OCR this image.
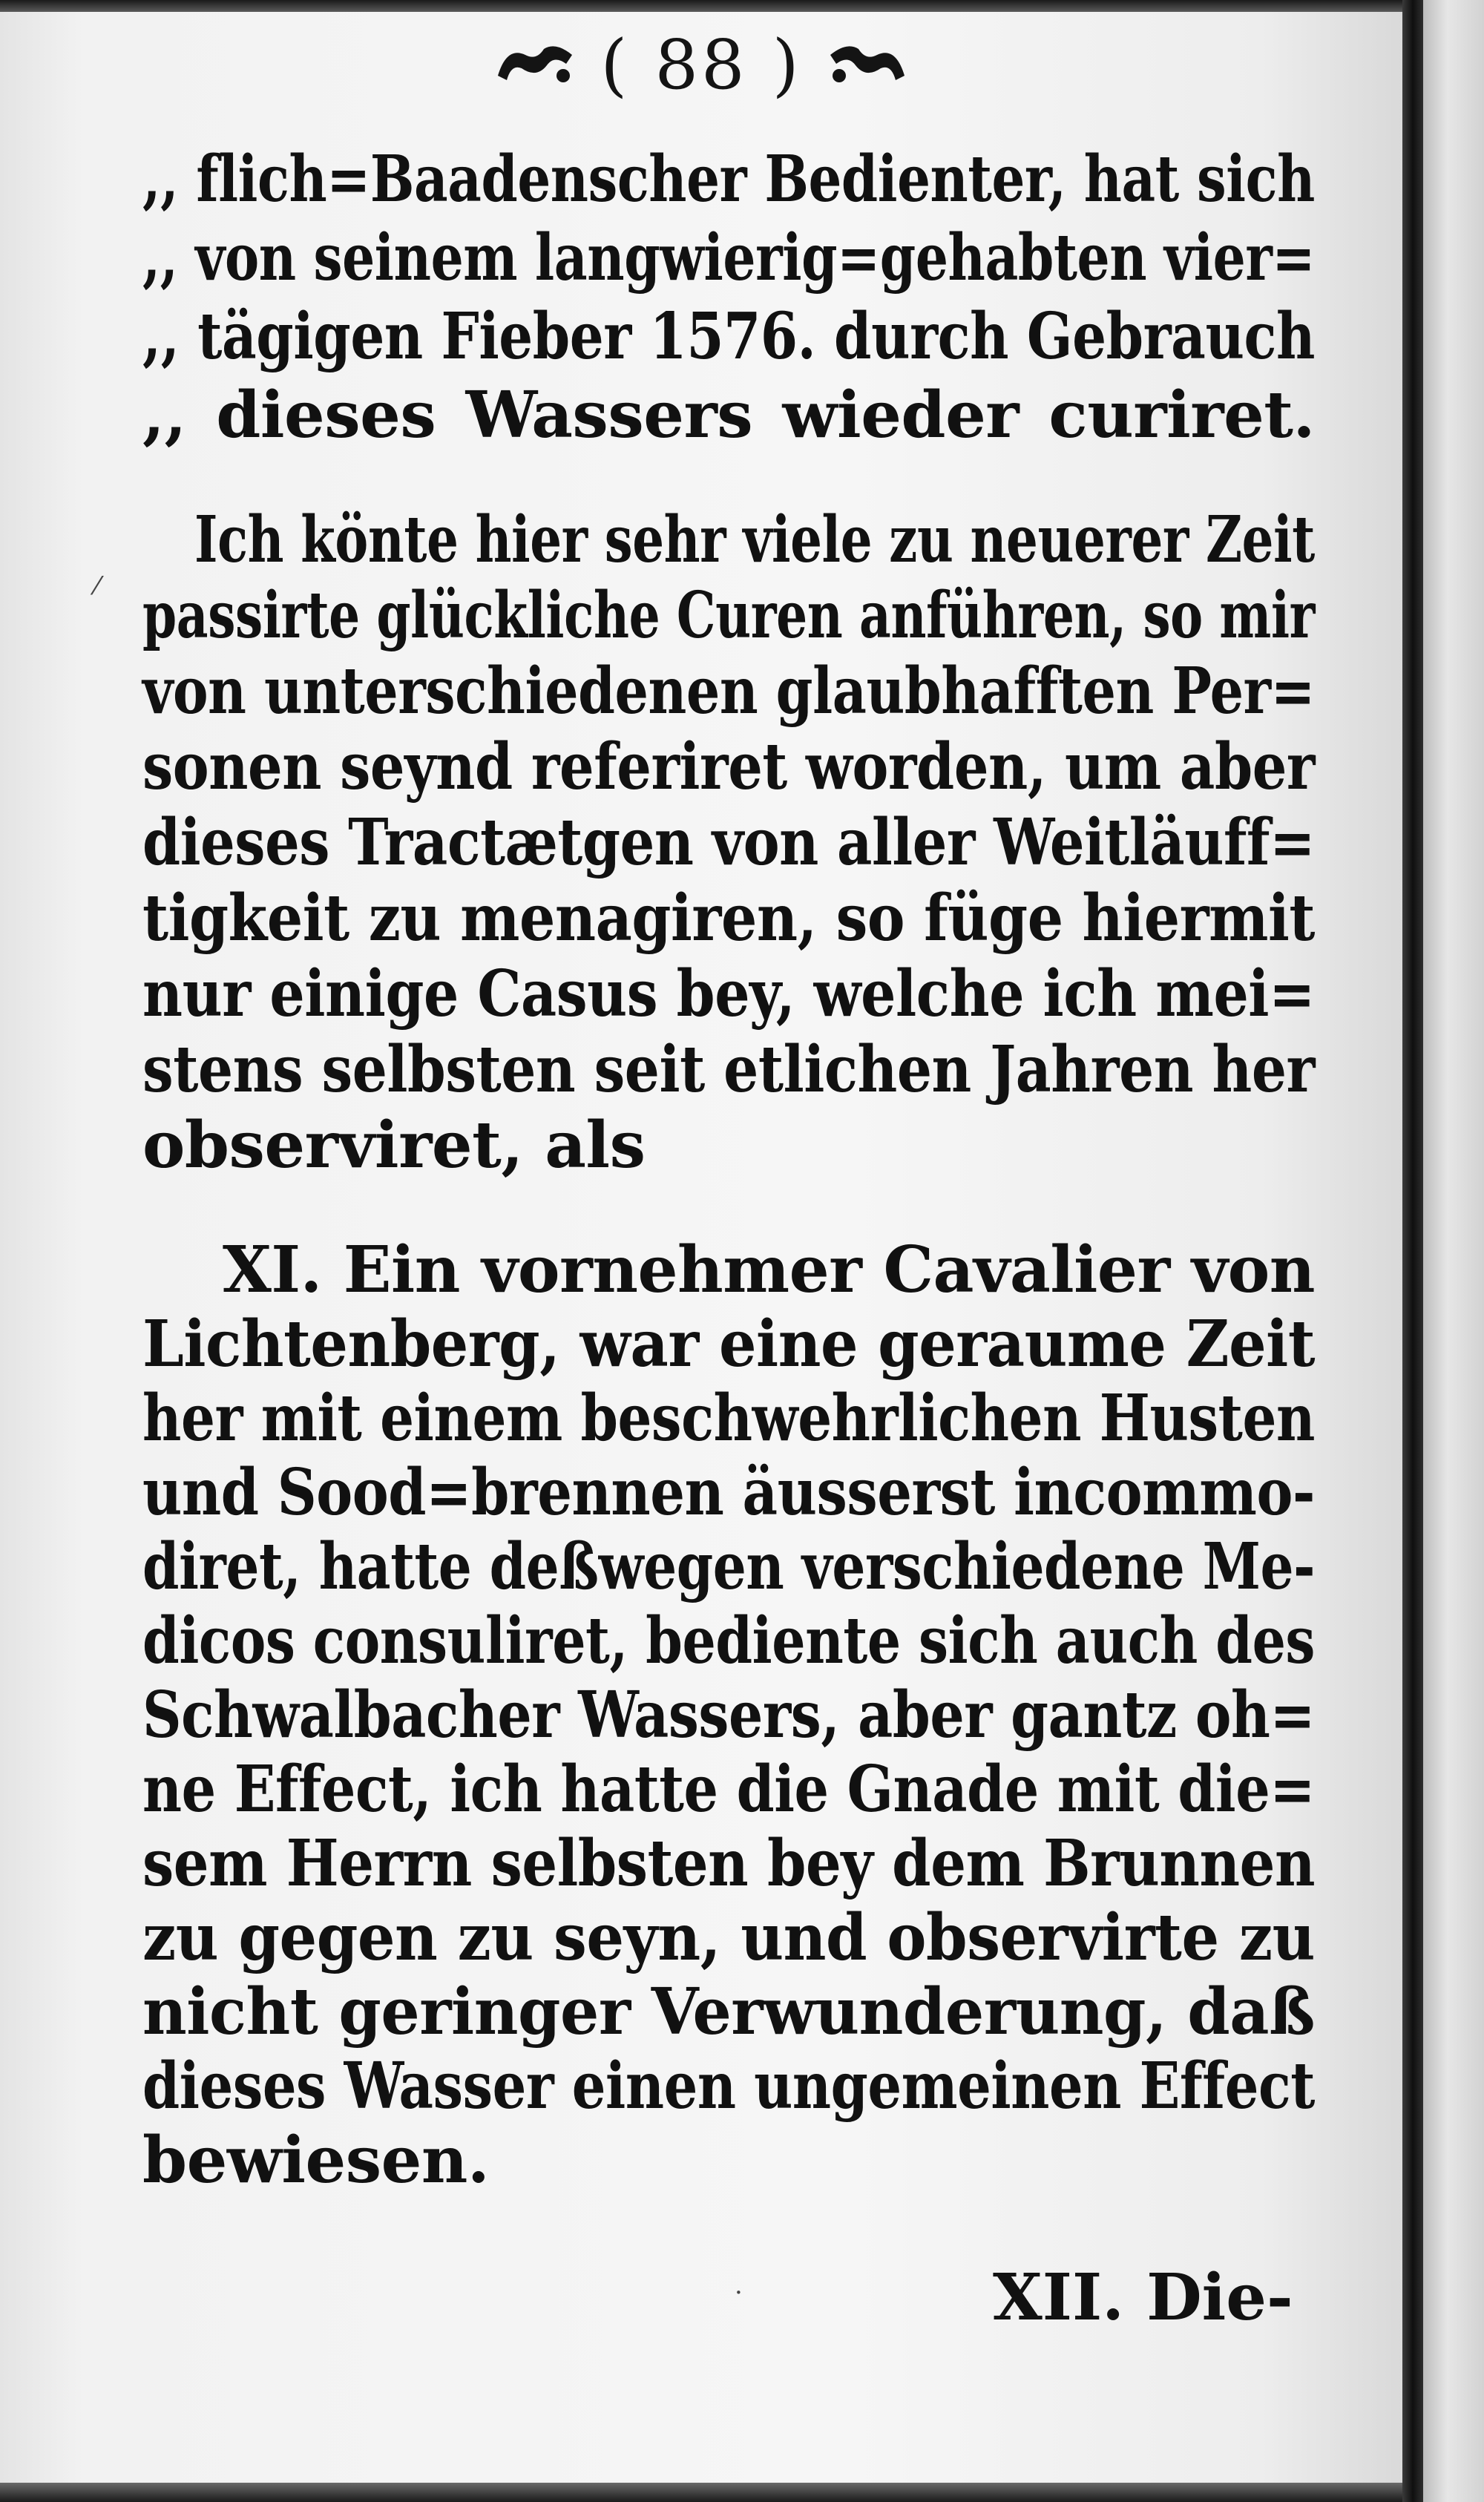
( 88 )
,, flich=Baadenscher Bedienter, hat sich
,, von seinem langwierig=gehabten vier=
,, tägigen Fieber 1576. durch Gebrauch
,, dieses Wassers wieder curiret.
Ich könte hier sehr viele zu neuerer Zeit
passirte glückliche Curen anführen, so mir
von unterschiedenen glaubhafften Per=
sonen seynd referiret worden, um aber
dieses Tractætgen von aller Weitläuff=
tigkeit zu menagiren, so füge hiermit
nur einige Casus bey, welche ich mei=
stens selbsten seit etlichen Jahren her
observiret, als
XI. Ein vornehmer Cavalier von
Lichtenberg, war eine geraume Zeit
her mit einem beschwehrlichen Husten
und Sood=brennen äusserst incommo-
diret, hatte deßwegen verschiedene Me-
dicos consuliret, bediente sich auch des
Schwalbacher Wassers, aber gantz oh=
ne Effect, ich hatte die Gnade mit die=
sem Herrn selbsten bey dem Brunnen
zu gegen zu seyn, und observirte zu
nicht geringer Verwunderung, daß
dieses Wasser einen ungemeinen Effect
bewiesen.
XII. Die-
⁄
·
